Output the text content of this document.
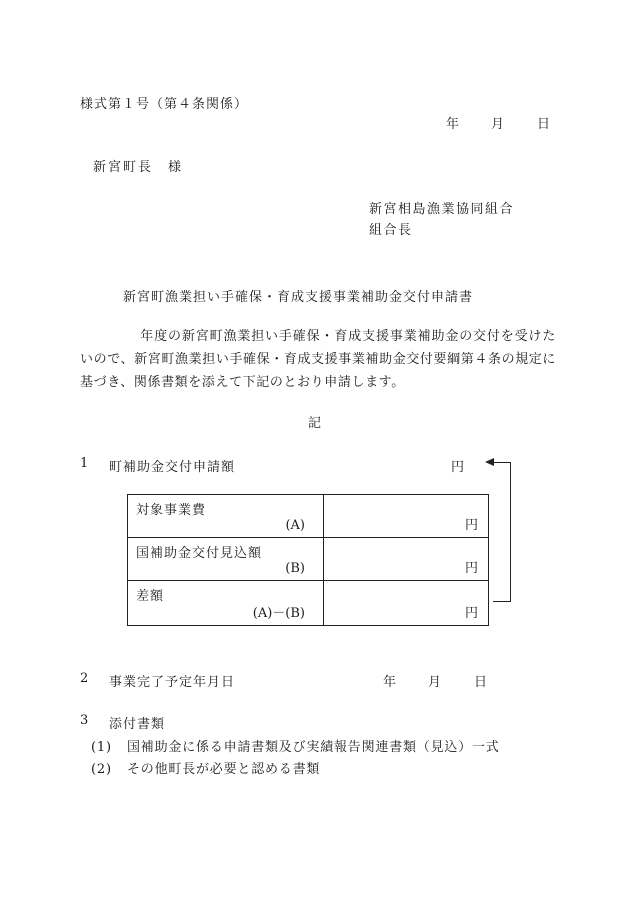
様式第１号（第４条関係）
年 月	日
新宮町長　様
新宮相島漁業協同組合
組合長
新宮町漁業担い手確保・育成支援事業補助金交付申請書
年度の新宮町漁業担い手確保・育成支援事業補助金の交付を受けたいので、新宮町漁業担い手確保・育成支援事業補助金交付要綱第４条の規定に基づき、関係書類を添えて下記のとおり申請します。
記
1 町補助金交付申請額	円
対象事業費
(A)	円
国補助金交付見込額
(B)	円
差額
(A)－(B)	円
2 事業完了予定年月日	年 月	日
3 添付書類
(1) 国補助金に係る申請書類及び実績報告関連書類（見込）一式
(2) その他町長が必要と認める書類
